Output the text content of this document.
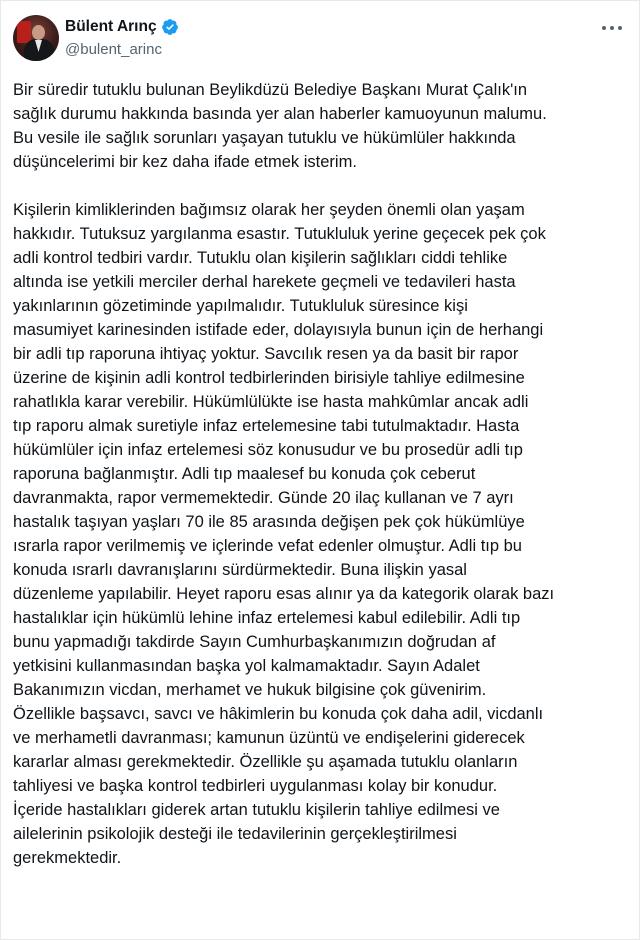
Bülent Arınç
@bulent_arinc

Bir süredir tutuklu bulunan Beylikdüzü Belediye Başkanı Murat Çalık'ın
sağlık durumu hakkında basında yer alan haberler kamuoyunun malumu.
Bu vesile ile sağlık sorunları yaşayan tutuklu ve hükümlüler hakkında
düşüncelerimi bir kez daha ifade etmek isterim.

Kişilerin kimliklerinden bağımsız olarak her şeyden önemli olan yaşam
hakkıdır. Tutuksuz yargılanma esastır. Tutukluluk yerine geçecek pek çok
adli kontrol tedbiri vardır. Tutuklu olan kişilerin sağlıkları ciddi tehlike
altında ise yetkili merciler derhal harekete geçmeli ve tedavileri hasta
yakınlarının gözetiminde yapılmalıdır. Tutukluluk süresince kişi
masumiyet karinesinden istifade eder, dolayısıyla bunun için de herhangi
bir adli tıp raporuna ihtiyaç yoktur. Savcılık resen ya da basit bir rapor
üzerine de kişinin adli kontrol tedbirlerinden birisiyle tahliye edilmesine
rahatlıkla karar verebilir. Hükümlülükte ise hasta mahkûmlar ancak adli
tıp raporu almak suretiyle infaz ertelemesine tabi tutulmaktadır. Hasta
hükümlüler için infaz ertelemesi söz konusudur ve bu prosedür adli tıp
raporuna bağlanmıştır. Adli tıp maalesef bu konuda çok ceberut
davranmakta, rapor vermemektedir. Günde 20 ilaç kullanan ve 7 ayrı
hastalık taşıyan yaşları 70 ile 85 arasında değişen pek çok hükümlüye
ısrarla rapor verilmemiş ve içlerinde vefat edenler olmuştur. Adli tıp bu
konuda ısrarlı davranışlarını sürdürmektedir. Buna ilişkin yasal
düzenleme yapılabilir. Heyet raporu esas alınır ya da kategorik olarak bazı
hastalıklar için hükümlü lehine infaz ertelemesi kabul edilebilir. Adli tıp
bunu yapmadığı takdirde Sayın Cumhurbaşkanımızın doğrudan af
yetkisini kullanmasından başka yol kalmamaktadır. Sayın Adalet
Bakanımızın vicdan, merhamet ve hukuk bilgisine çok güvenirim.
Özellikle başsavcı, savcı ve hâkimlerin bu konuda çok daha adil, vicdanlı
ve merhametli davranması; kamunun üzüntü ve endişelerini giderecek
kararlar alması gerekmektedir. Özellikle şu aşamada tutuklu olanların
tahliyesi ve başka kontrol tedbirleri uygulanması kolay bir konudur.
İçeride hastalıkları giderek artan tutuklu kişilerin tahliye edilmesi ve
ailelerinin psikolojik desteği ile tedavilerinin gerçekleştirilmesi
gerekmektedir.
